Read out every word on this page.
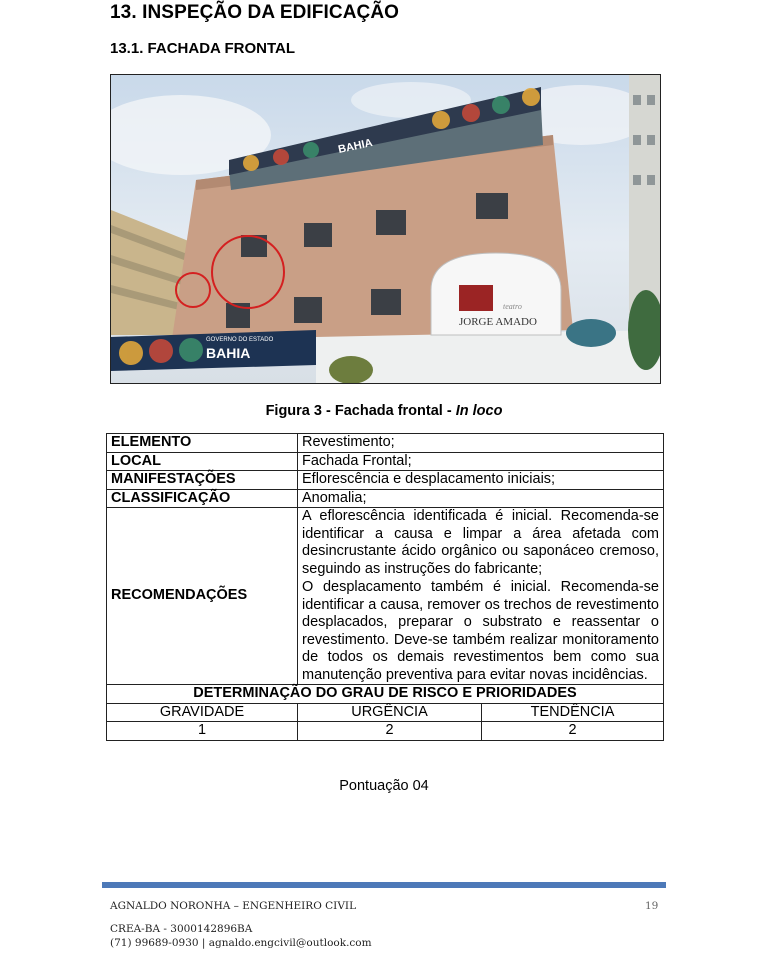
13. INSPEÇÃO DA EDIFICAÇÃO
13.1. FACHADA FRONTAL
BAHIA
BAHIA
GOVERNO DO ESTADO
teatro
JORGE AMADO
Figura 3 - Fachada frontal - In loco
ELEMENTO	Revestimento;	
LOCAL	Fachada Frontal;	
MANIFESTAÇÕES	Eflorescência e desplacamento iniciais;	
CLASSIFICAÇÃO	Anomalia;	
RECOMENDAÇÕES	A eflorescência identificada é inicial. Recomenda-se identificar a causa e limpar a área afetada com desincrustante ácido orgânico ou saponáceo cremoso, seguindo as instruções do fabricante;

O desplacamento também é inicial. Recomenda-se identificar a causa, remover os trechos de revestimento desplacados, preparar o substrato e reassentar o revestimento. Deve-se também realizar monitoramento de todos os demais revestimentos bem como sua manutenção preventiva para evitar novas incidências.	

DETERMINAÇÃO DO GRAU DE RISCO E PRIORIDADES		
GRAVIDADE	URGÊNCIA	TENDÊNCIA
1	2	2
Pontuação 04
AGNALDO NORONHA – ENGENHEIRO CIVIL	19
CREA-BA - 3000142896BA
(71) 99689-0930 | agnaldo.engcivil@outlook.com
